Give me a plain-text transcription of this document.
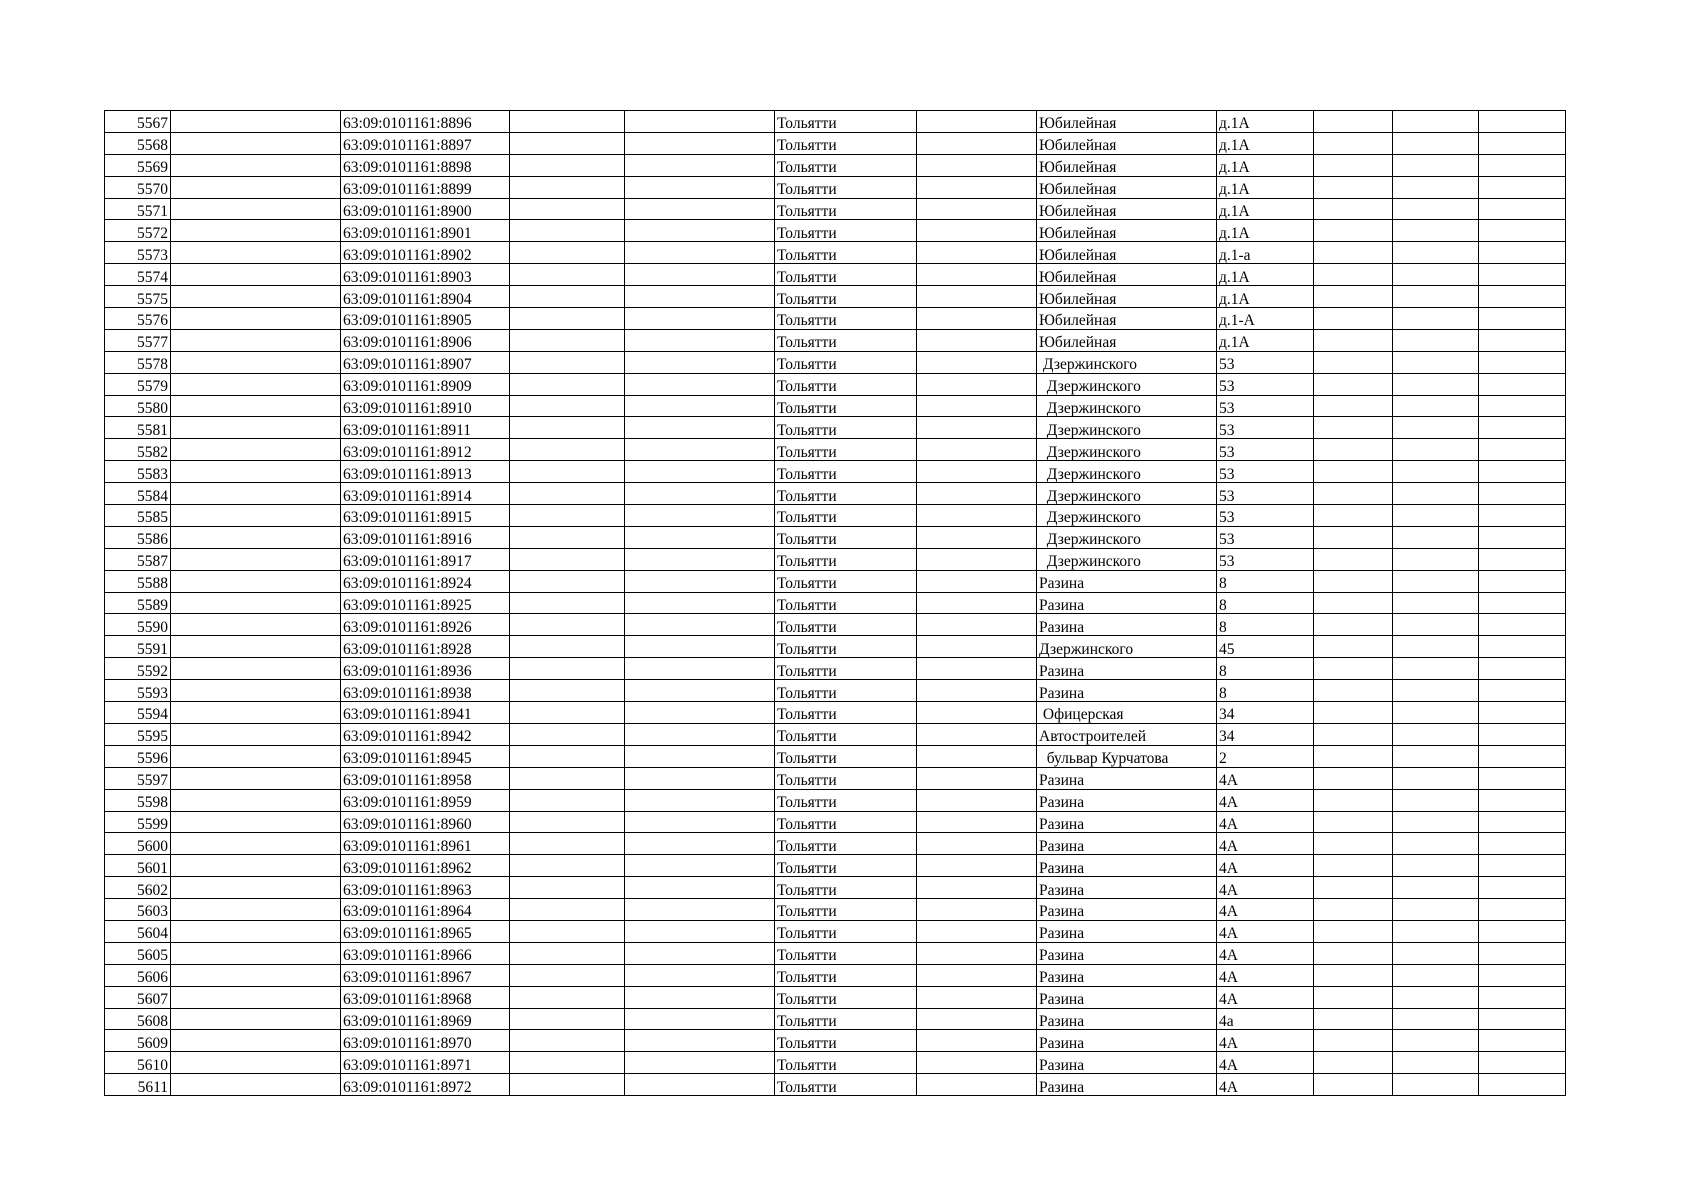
5567		63:09:0101161:8896			Тольятти		Юбилейная	д.1А			
5568		63:09:0101161:8897			Тольятти		Юбилейная	д.1А			
5569		63:09:0101161:8898			Тольятти		Юбилейная	д.1А			
5570		63:09:0101161:8899			Тольятти		Юбилейная	д.1А			
5571		63:09:0101161:8900			Тольятти		Юбилейная	д.1А			
5572		63:09:0101161:8901			Тольятти		Юбилейная	д.1А			
5573		63:09:0101161:8902			Тольятти		Юбилейная	д.1-а			
5574		63:09:0101161:8903			Тольятти		Юбилейная	д.1А			
5575		63:09:0101161:8904			Тольятти		Юбилейная	д.1А			
5576		63:09:0101161:8905			Тольятти		Юбилейная	д.1-А			
5577		63:09:0101161:8906			Тольятти		Юбилейная	д.1А			
5578		63:09:0101161:8907			Тольятти		Дзержинского	53			
5579		63:09:0101161:8909			Тольятти		Дзержинского	53			
5580		63:09:0101161:8910			Тольятти		Дзержинского	53			
5581		63:09:0101161:8911			Тольятти		Дзержинского	53			
5582		63:09:0101161:8912			Тольятти		Дзержинского	53			
5583		63:09:0101161:8913			Тольятти		Дзержинского	53			
5584		63:09:0101161:8914			Тольятти		Дзержинского	53			
5585		63:09:0101161:8915			Тольятти		Дзержинского	53			
5586		63:09:0101161:8916			Тольятти		Дзержинского	53			
5587		63:09:0101161:8917			Тольятти		Дзержинского	53			
5588		63:09:0101161:8924			Тольятти		Разина	8			
5589		63:09:0101161:8925			Тольятти		Разина	8			
5590		63:09:0101161:8926			Тольятти		Разина	8			
5591		63:09:0101161:8928			Тольятти		Дзержинского	45			
5592		63:09:0101161:8936			Тольятти		Разина	8			
5593		63:09:0101161:8938			Тольятти		Разина	8			
5594		63:09:0101161:8941			Тольятти		Офицерская	34			
5595		63:09:0101161:8942			Тольятти		Автостроителей	34			
5596		63:09:0101161:8945			Тольятти		бульвар Курчатова	2			
5597		63:09:0101161:8958			Тольятти		Разина	4А			
5598		63:09:0101161:8959			Тольятти		Разина	4А			
5599		63:09:0101161:8960			Тольятти		Разина	4А			
5600		63:09:0101161:8961			Тольятти		Разина	4А			
5601		63:09:0101161:8962			Тольятти		Разина	4А			
5602		63:09:0101161:8963			Тольятти		Разина	4А			
5603		63:09:0101161:8964			Тольятти		Разина	4А			
5604		63:09:0101161:8965			Тольятти		Разина	4А			
5605		63:09:0101161:8966			Тольятти		Разина	4А			
5606		63:09:0101161:8967			Тольятти		Разина	4А			
5607		63:09:0101161:8968			Тольятти		Разина	4А			
5608		63:09:0101161:8969			Тольятти		Разина	4а			
5609		63:09:0101161:8970			Тольятти		Разина	4А			
5610		63:09:0101161:8971			Тольятти		Разина	4А			
5611		63:09:0101161:8972			Тольятти		Разина	4А			
